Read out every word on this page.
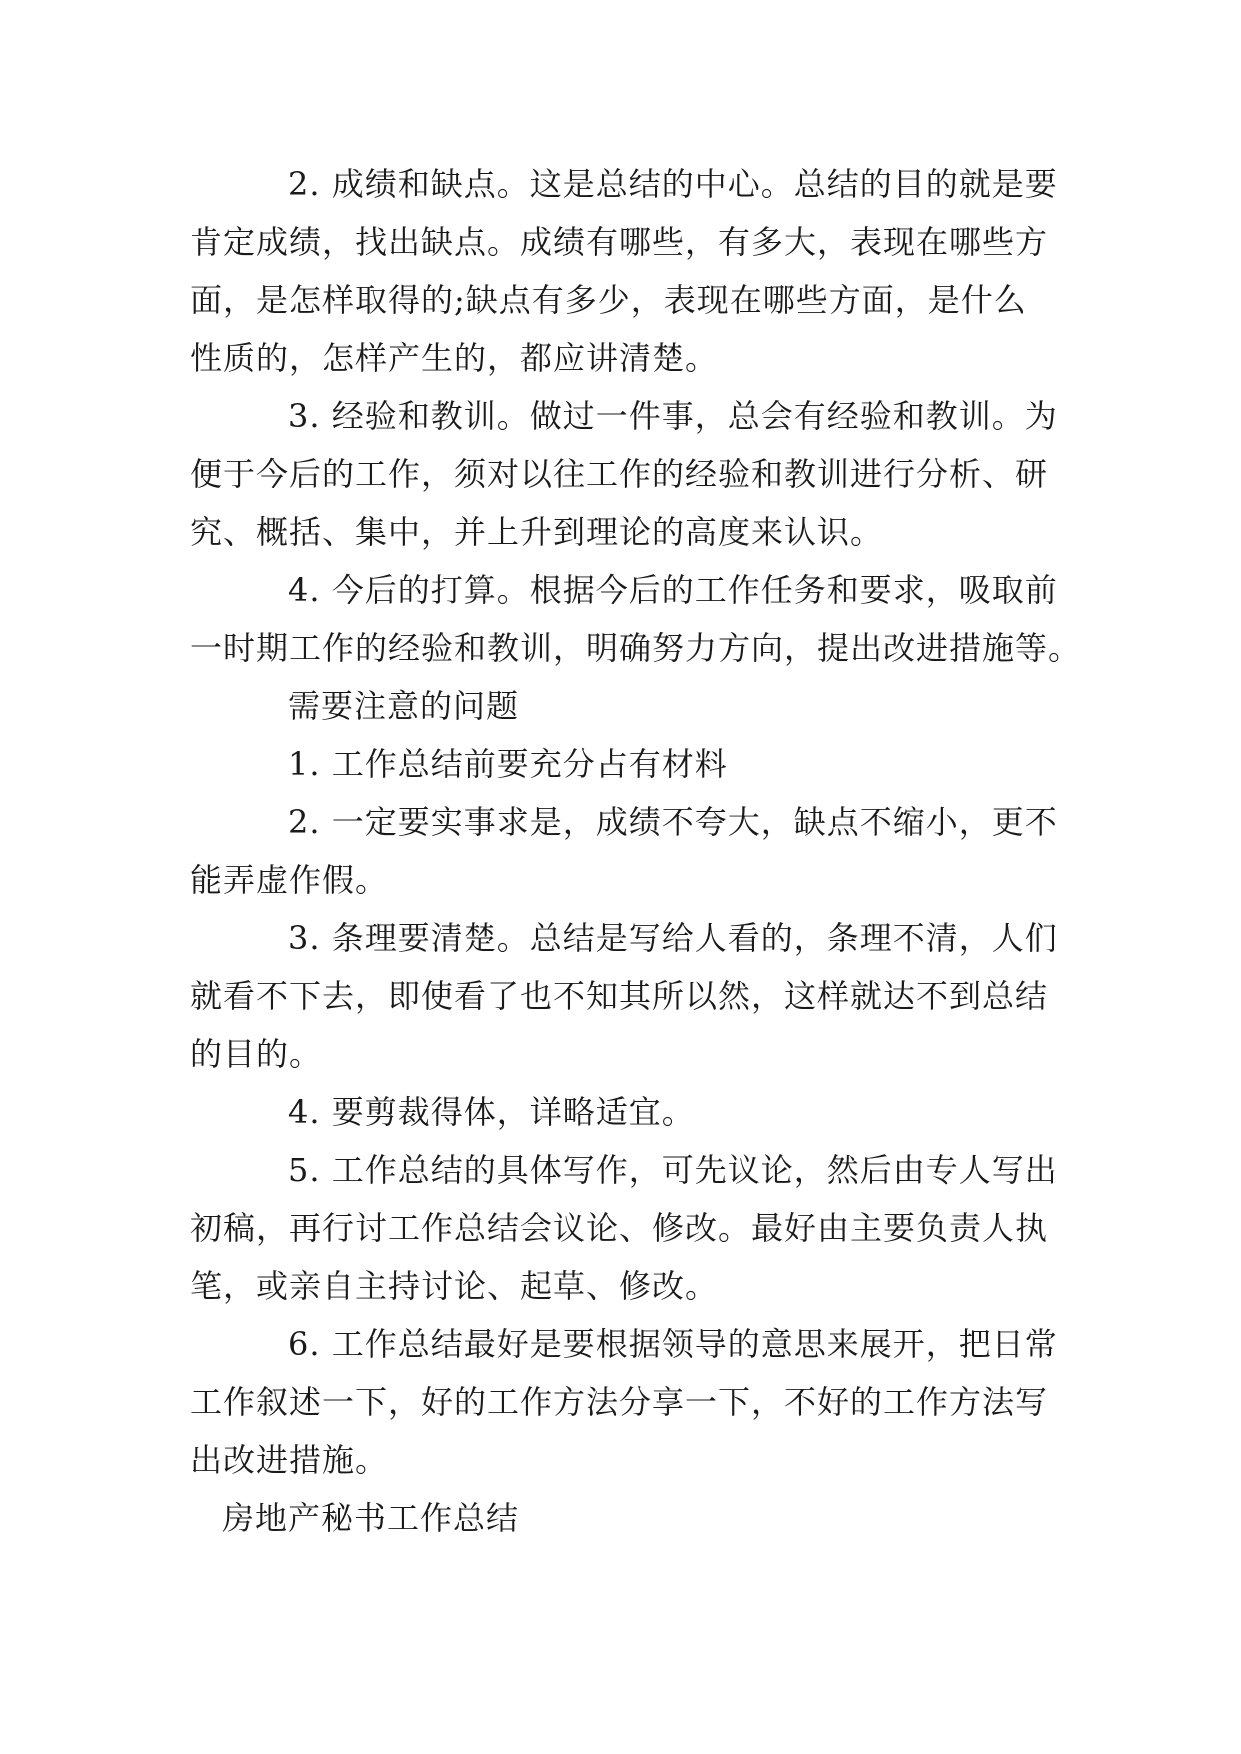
2. 成绩和缺点。这是总结的中心。总结的目的就是要
肯定成绩，找出缺点。成绩有哪些，有多大，表现在哪些方
面，是怎样取得的;缺点有多少，表现在哪些方面，是什么
性质的，怎样产生的，都应讲清楚。
3. 经验和教训。做过一件事，总会有经验和教训。为
便于今后的工作，须对以往工作的经验和教训进行分析、研
究、概括、集中，并上升到理论的高度来认识。
4. 今后的打算。根据今后的工作任务和要求，吸取前
一时期工作的经验和教训，明确努力方向，提出改进措施等。
需要注意的问题
1. 工作总结前要充分占有材料
2. 一定要实事求是，成绩不夸大，缺点不缩小，更不
能弄虚作假。
3. 条理要清楚。总结是写给人看的，条理不清，人们
就看不下去，即使看了也不知其所以然，这样就达不到总结
的目的。
4. 要剪裁得体，详略适宜。
5. 工作总结的具体写作，可先议论，然后由专人写出
初稿，再行讨工作总结会议论、修改。最好由主要负责人执
笔，或亲自主持讨论、起草、修改。
6. 工作总结最好是要根据领导的意思来展开，把日常
工作叙述一下，好的工作方法分享一下，不好的工作方法写
出改进措施。
房地产秘书工作总结
